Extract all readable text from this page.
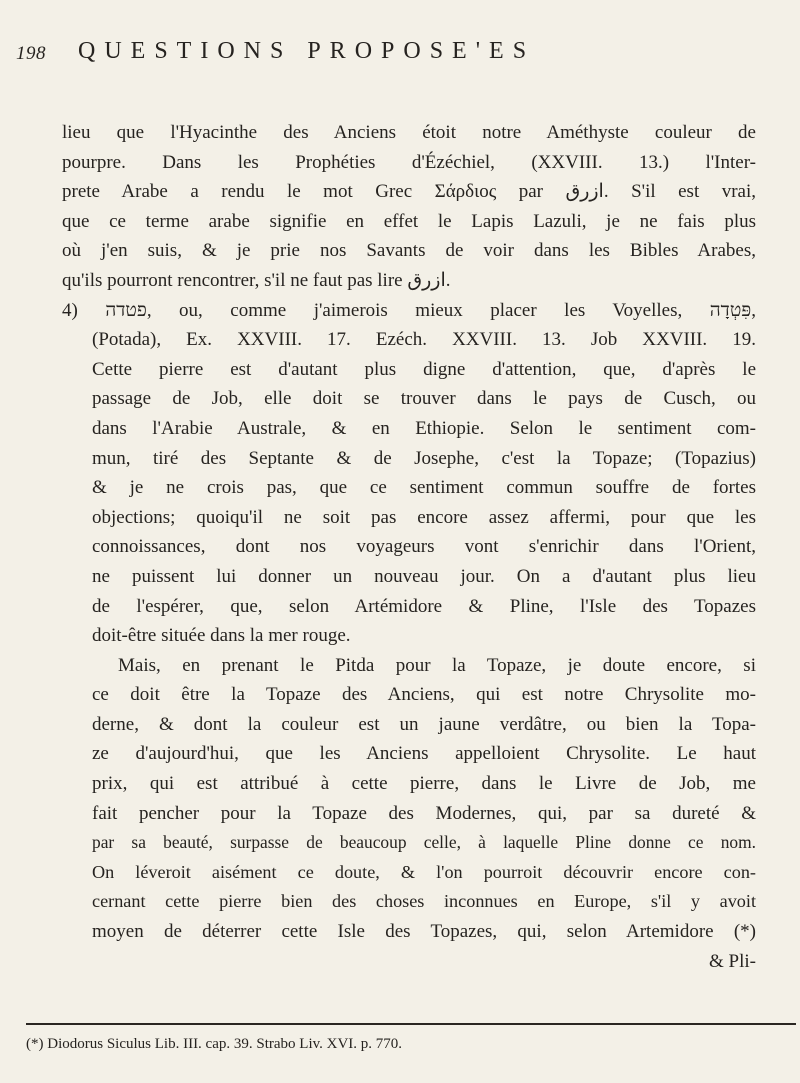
198 QUESTIONS PROPOSE'ES
lieu que l'Hyacinthe des Anciens étoit notre Améthyste couleur de
pourpre. Dans les Prophéties d'Ézéchiel, (XXVIII. 13.) l'Inter-
prete Arabe a rendu le mot Grec Σάρδιος par ازرق. S'il est vrai,
que ce terme arabe signifie en effet le Lapis Lazuli, je ne fais plus
où j'en suis, & je prie nos Savants de voir dans les Bibles Arabes,
qu'ils pourront rencontrer, s'il ne faut pas lire ازرق.
4) פטדה, ou, comme j'aimerois mieux placer les Voyelles, פִּטְדָה,
(Potada), Ex. XXVIII. 17. Ezéch. XXVIII. 13. Job XXVIII. 19.
Cette pierre est d'autant plus digne d'attention, que, d'après le
passage de Job, elle doit se trouver dans le pays de Cusch, ou
dans l'Arabie Australe, & en Ethiopie. Selon le sentiment com-
mun, tiré des Septante & de Josephe, c'est la Topaze; (Topazius)
& je ne crois pas, que ce sentiment commun souffre de fortes
objections; quoiqu'il ne soit pas encore assez affermi, pour que les
connoissances, dont nos voyageurs vont s'enrichir dans l'Orient,
ne puissent lui donner un nouveau jour. On a d'autant plus lieu
de l'espérer, que, selon Artémidore & Pline, l'Isle des Topazes
doit-être située dans la mer rouge.
Mais, en prenant le Pitda pour la Topaze, je doute encore, si
ce doit être la Topaze des Anciens, qui est notre Chrysolite mo-
derne, & dont la couleur est un jaune verdâtre, ou bien la Topa-
ze d'aujourd'hui, que les Anciens appelloient Chrysolite. Le haut
prix, qui est attribué à cette pierre, dans le Livre de Job, me
fait pencher pour la Topaze des Modernes, qui, par sa dureté &
par sa beauté, surpasse de beaucoup celle, à laquelle Pline donne ce nom.
On léveroit aisément ce doute, & l'on pourroit découvrir encore con-
cernant cette pierre bien des choses inconnues en Europe, s'il y avoit
moyen de déterrer cette Isle des Topazes, qui, selon Artemidore (*)
& Pli-
(*) Diodorus Siculus Lib. III. cap. 39. Strabo Liv. XVI. p. 770.
